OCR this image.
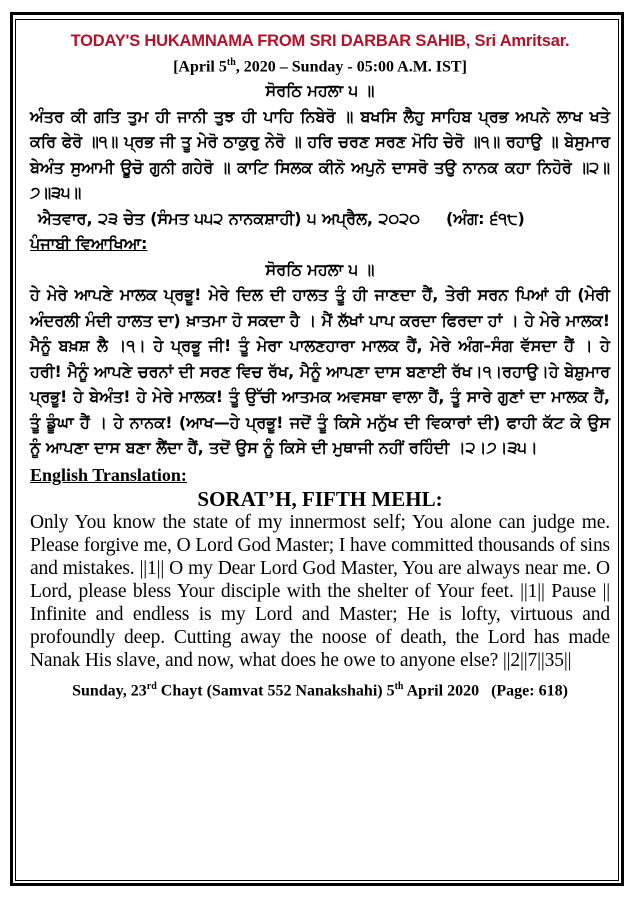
TODAY'S HUKAMNAMA FROM SRI DARBAR SAHIB, Sri Amritsar.
[April 5th, 2020 – Sunday - 05:00 A.M. IST]
ਸੋਰਠਿ ਮਹਲਾ ੫ ॥
ਅੰਤਰ ਕੀ ਗਤਿ ਤੁਮ ਹੀ ਜਾਨੀ ਤੁਝ ਹੀ ਪਾਹਿ ਨਿਬੇਰੋ ॥ ਬਖਸਿ ਲੈਹੁ ਸਾਹਿਬ ਪ੍ਰਭ ਅਪਨੇ ਲਾਖ ਖਤੇ ਕਰਿ ਫੇਰੋ ॥੧॥ ਪ੍ਰਭ ਜੀ ਤੂ ਮੇਰੋ ਠਾਕੁਰੁ ਨੇਰੋ ॥ ਹਰਿ ਚਰਣ ਸਰਣ ਮੋਹਿ ਚੇਰੋ ॥੧॥ ਰਹਾਉ ॥ ਬੇਸੁਮਾਰ ਬੇਅੰਤ ਸੁਆਮੀ ਊਚੋ ਗੁਨੀ ਗਹੇਰੋ ॥ ਕਾਟਿ ਸਿਲਕ ਕੀਨੋ ਅਪੁਨੋ ਦਾਸਰੋ ਤਉ ਨਾਨਕ ਕਹਾ ਨਿਹੋਰੋ ॥੨॥੭॥੩੫॥
ਐਤਵਾਰ, ੨੩ ਚੇਤ (ਸੰਮਤ ੫੫੨ ਨਾਨਕਸ਼ਾਹੀ) ੫ ਅਪ੍ਰੈਲ, ੨੦੨੦ (ਅੰਗ: ੬੧੮)
ਪੰਜਾਬੀ ਵਿਆਖਿਆ:
ਸੋਰਠਿ ਮਹਲਾ ੫ ॥
ਹੇ ਮੇਰੇ ਆਪਣੇ ਮਾਲਕ ਪ੍ਰਭੂ! ਮੇਰੇ ਦਿਲ ਦੀ ਹਾਲਤ ਤੂੰ ਹੀ ਜਾਣਦਾ ਹੈਂ, ਤੇਰੀ ਸਰਨ ਪਿਆਂ ਹੀ (ਮੇਰੀ ਅੰਦਰਲੀ ਮੰਦੀ ਹਾਲਤ ਦਾ) ਖ਼ਾਤਮਾ ਹੋ ਸਕਦਾ ਹੈ । ਮੈਂ ਲੱਖਾਂ ਪਾਪ ਕਰਦਾ ਫਿਰਦਾ ਹਾਂ । ਹੇ ਮੇਰੇ ਮਾਲਕ! ਮੈਨੂੰ ਬਖ਼ਸ਼ ਲੈ ।੧। ਹੇ ਪ੍ਰਭੂ ਜੀ! ਤੂੰ ਮੇਰਾ ਪਾਲਣਹਾਰਾ ਮਾਲਕ ਹੈਂ, ਮੇਰੇ ਅੰਗ–ਸੰਗ ਵੱਸਦਾ ਹੈਂ । ਹੇ ਹਰੀ! ਮੈਨੂੰ ਆਪਣੇ ਚਰਨਾਂ ਦੀ ਸਰਣ ਵਿਚ ਰੱਖ, ਮੈਨੂੰ ਆਪਣਾ ਦਾਸ ਬਣਾਈ ਰੱਖ।੧।ਰਹਾਉ।ਹੇ ਬੇਸ਼ੁਮਾਰ ਪ੍ਰਭੂ! ਹੇ ਬੇਅੰਤ! ਹੇ ਮੇਰੇ ਮਾਲਕ! ਤੂੰ ਉੱਚੀ ਆਤਮਕ ਅਵਸਥਾ ਵਾਲਾ ਹੈਂ, ਤੂੰ ਸਾਰੇ ਗੁਣਾਂ ਦਾ ਮਾਲਕ ਹੈਂ, ਤੂੰ ਡੂੰਘਾ ਹੈਂ । ਹੇ ਨਾਨਕ! (ਆਖ—ਹੇ ਪ੍ਰਭੂ! ਜਦੋਂ ਤੂੰ ਕਿਸੇ ਮਨੁੱਖ ਦੀ ਵਿਕਾਰਾਂ ਦੀ) ਫਾਹੀ ਕੱਟ ਕੇ ਉਸ ਨੂੰ ਆਪਣਾ ਦਾਸ ਬਣਾ ਲੈਂਦਾ ਹੈਂ, ਤਦੋਂ ਉਸ ਨੂੰ ਕਿਸੇ ਦੀ ਮੁਥਾਜੀ ਨਹੀਂ ਰਹਿੰਦੀ ।੨।੭।੩੫।
English Translation:
SORAT’H, FIFTH MEHL:
Only You know the state of my innermost self; You alone can judge me. Please forgive me, O Lord God Master; I have committed thousands of sins and mistakes. ||1|| O my Dear Lord God Master, You are always near me. O Lord, please bless Your disciple with the shelter of Your feet. ||1|| Pause || Infinite and endless is my Lord and Master; He is lofty, virtuous and profoundly deep. Cutting away the noose of death, the Lord has made Nanak His slave, and now, what does he owe to anyone else? ||2||7||35||
Sunday, 23rd Chayt (Samvat 552 Nanakshahi) 5th April 2020 (Page: 618)
